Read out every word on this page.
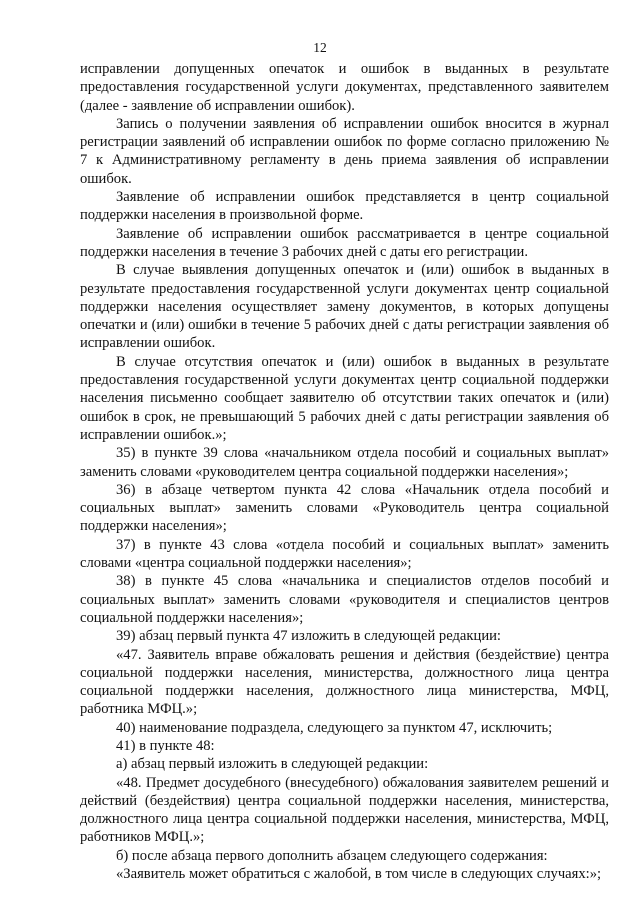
12

исправлении допущенных опечаток и ошибок в выданных в результате предоставления государственной услуги документах, представленного заявителем (далее - заявление об исправлении ошибок).

Запись о получении заявления об исправлении ошибок вносится в журнал регистрации заявлений об исправлении ошибок по форме согласно приложению № 7 к Административному регламенту в день приема заявления об исправлении ошибок.

Заявление об исправлении ошибок представляется в центр социальной поддержки населения в произвольной форме.

Заявление об исправлении ошибок рассматривается в центре социальной поддержки населения в течение 3 рабочих дней с даты его регистрации.

В случае выявления допущенных опечаток и (или) ошибок в выданных в результате предоставления государственной услуги документах центр социальной поддержки населения осуществляет замену документов, в которых допущены опечатки и (или) ошибки в течение 5 рабочих дней с даты регистрации заявления об исправлении ошибок.

В случае отсутствия опечаток и (или) ошибок в выданных в результате предоставления государственной услуги документах центр социальной поддержки населения письменно сообщает заявителю об отсутствии таких опечаток и (или) ошибок в срок, не превышающий 5 рабочих дней с даты регистрации заявления об исправлении ошибок.»;

35) в пункте 39 слова «начальником отдела пособий и социальных выплат» заменить словами «руководителем центра социальной поддержки населения»;

36) в абзаце четвертом пункта 42 слова «Начальник отдела пособий и социальных выплат» заменить словами «Руководитель центра социальной поддержки населения»;

37) в пункте 43 слова «отдела пособий и социальных выплат» заменить словами «центра социальной поддержки населения»;

38) в пункте 45 слова «начальника и специалистов отделов пособий и социальных выплат» заменить словами «руководителя и специалистов центров социальной поддержки населения»;

39) абзац первый пункта 47 изложить в следующей редакции:

«47. Заявитель вправе обжаловать решения и действия (бездействие) центра социальной поддержки населения, министерства, должностного лица центра социальной поддержки населения, должностного лица министерства, МФЦ, работника МФЦ.»;

40) наименование подраздела, следующего за пунктом 47, исключить;

41) в пункте 48:

а) абзац первый изложить в следующей редакции:

«48. Предмет досудебного (внесудебного) обжалования заявителем решений и действий (бездействия) центра социальной поддержки населения, министерства, должностного лица центра социальной поддержки населения, министерства, МФЦ, работников МФЦ.»;

б) после абзаца первого дополнить абзацем следующего содержания:

«Заявитель может обратиться с жалобой, в том числе в следующих случаях:»;
